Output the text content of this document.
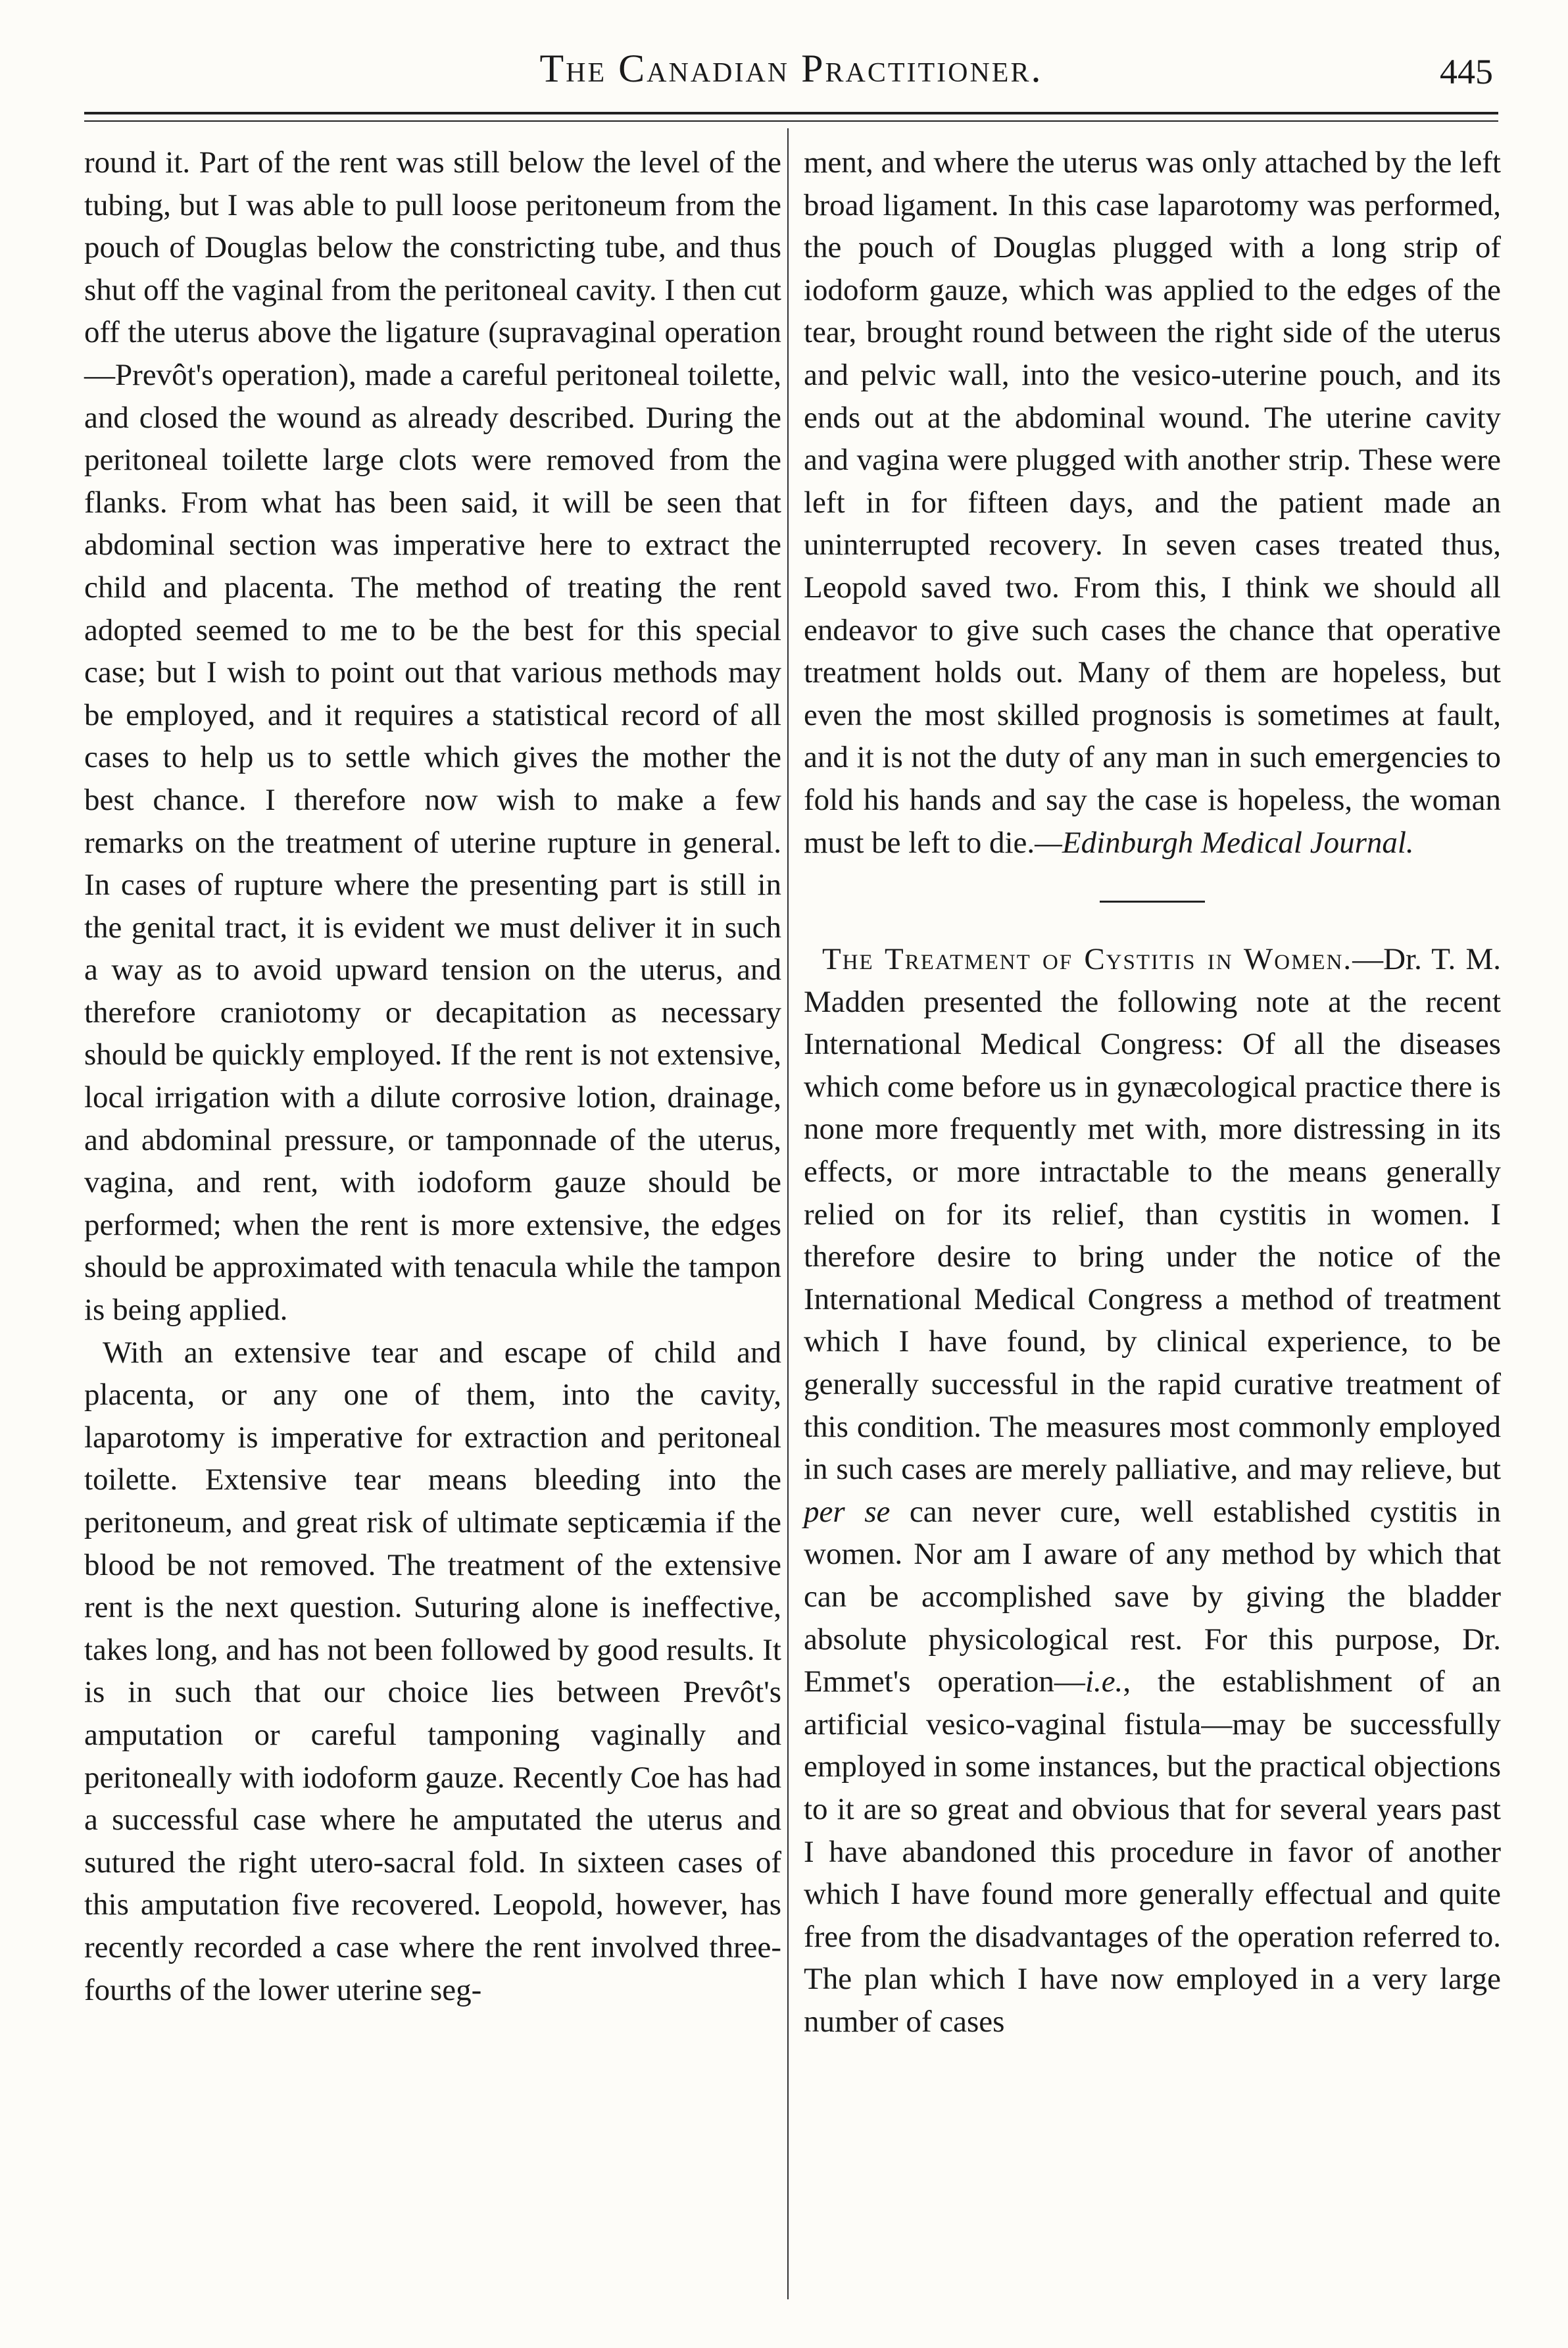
The Canadian Practitioner.	445

round it. Part of the rent was still below the level of the tubing, but I was able to pull loose peritoneum from the pouch of Douglas below the constricting tube, and thus shut off the vaginal from the peritoneal cavity. I then cut off the uterus above the ligature (supravaginal operation—Prevôt's operation), made a careful peritoneal toilette, and closed the wound as already described. During the peritoneal toilette large clots were removed from the flanks. From what has been said, it will be seen that abdominal section was imperative here to extract the child and placenta. The method of treating the rent adopted seemed to me to be the best for this special case; but I wish to point out that various methods may be employed, and it requires a statistical record of all cases to help us to settle which gives the mother the best chance. I therefore now wish to make a few remarks on the treatment of uterine rupture in general. In cases of rupture where the presenting part is still in the genital tract, it is evident we must deliver it in such a way as to avoid upward tension on the uterus, and therefore craniotomy or decapitation as necessary should be quickly employed. If the rent is not extensive, local irrigation with a dilute corrosive lotion, drainage, and abdominal pressure, or tamponnade of the uterus, vagina, and rent, with iodoform gauze should be performed; when the rent is more extensive, the edges should be approximated with tenacula while the tampon is being applied.

With an extensive tear and escape of child and placenta, or any one of them, into the cavity, laparotomy is imperative for extraction and peritoneal toilette. Extensive tear means bleeding into the peritoneum, and great risk of ultimate septicæmia if the blood be not removed. The treatment of the extensive rent is the next question. Suturing alone is ineffective, takes long, and has not been followed by good results. It is in such that our choice lies between Prevôt's amputation or careful tamponing vaginally and peritoneally with iodoform gauze. Recently Coe has had a successful case where he amputated the uterus and sutured the right utero-sacral fold. In sixteen cases of this amputation five recovered. Leopold, however, has recently recorded a case where the rent involved three-fourths of the lower uterine seg-

ment, and where the uterus was only attached by the left broad ligament. In this case laparotomy was performed, the pouch of Douglas plugged with a long strip of iodoform gauze, which was applied to the edges of the tear, brought round between the right side of the uterus and pelvic wall, into the vesico-uterine pouch, and its ends out at the abdominal wound. The uterine cavity and vagina were plugged with another strip. These were left in for fifteen days, and the patient made an uninterrupted recovery. In seven cases treated thus, Leopold saved two. From this, I think we should all endeavor to give such cases the chance that operative treatment holds out. Many of them are hopeless, but even the most skilled prognosis is sometimes at fault, and it is not the duty of any man in such emergencies to fold his hands and say the case is hopeless, the woman must be left to die.—Edinburgh Medical Journal.

The Treatment of Cystitis in Women.—Dr. T. M. Madden presented the following note at the recent International Medical Congress: Of all the diseases which come before us in gynæcological practice there is none more frequently met with, more distressing in its effects, or more intractable to the means generally relied on for its relief, than cystitis in women. I therefore desire to bring under the notice of the International Medical Congress a method of treatment which I have found, by clinical experience, to be generally successful in the rapid curative treatment of this condition. The measures most commonly employed in such cases are merely palliative, and may relieve, but per se can never cure, well established cystitis in women. Nor am I aware of any method by which that can be accomplished save by giving the bladder absolute physicological rest. For this purpose, Dr. Emmet's operation—i.e., the establishment of an artificial vesico-vaginal fistula—may be successfully employed in some instances, but the practical objections to it are so great and obvious that for several years past I have abandoned this procedure in favor of another which I have found more generally effectual and quite free from the disadvantages of the operation referred to. The plan which I have now employed in a very large number of cases
